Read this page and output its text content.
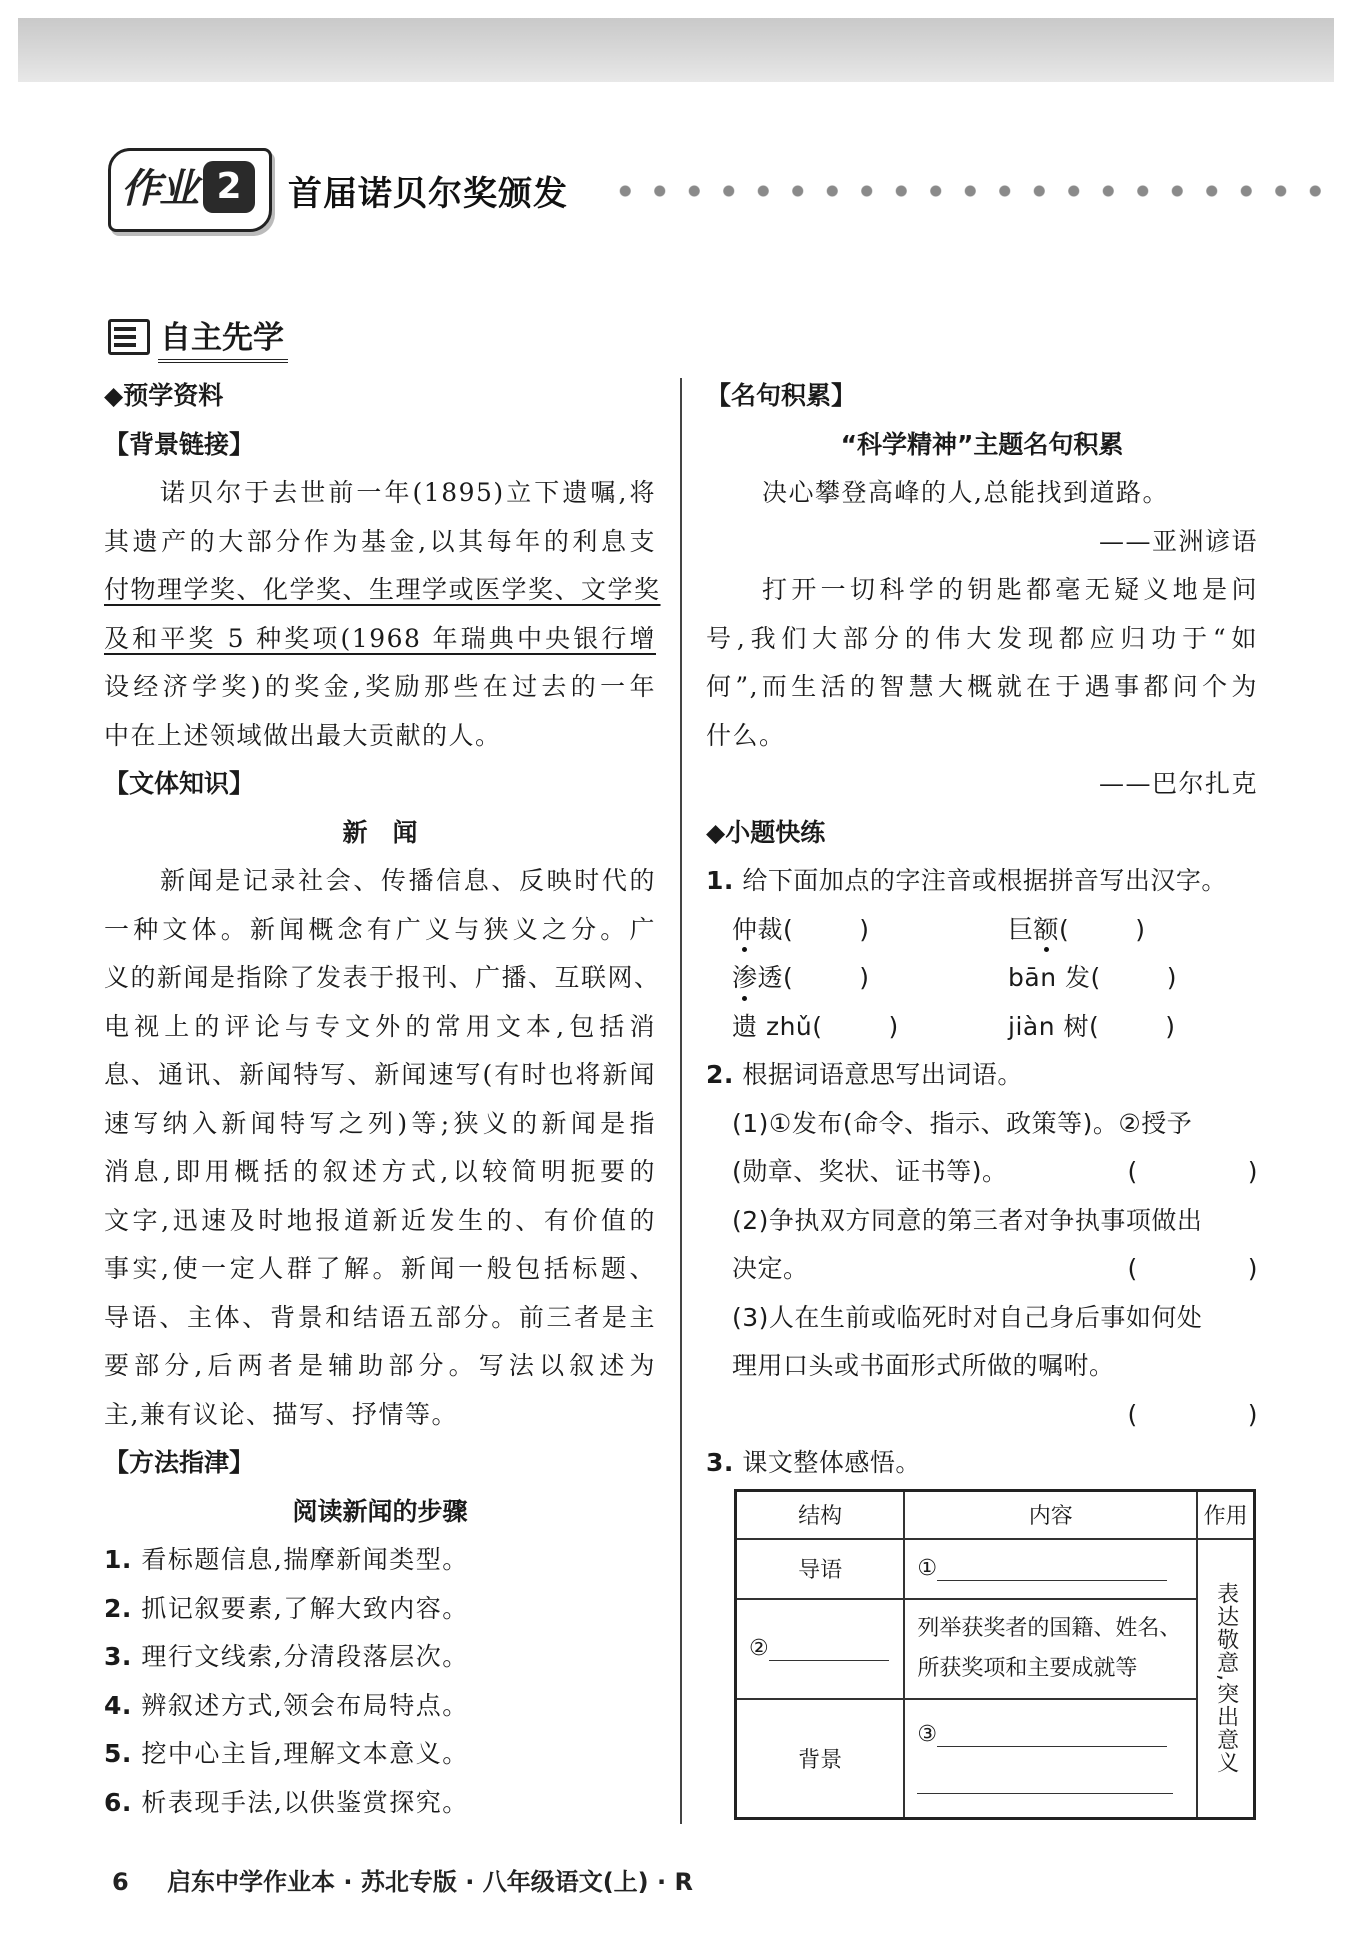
作业 2	首届诺贝尔奖颁发
自主先学
◆预学资料
【背景链接】
诺贝尔于去世前一年(1895)立下遗嘱,将
其遗产的大部分作为基金,以其每年的利息支
付物理学奖、化学奖、生理学或医学奖、文学奖
及和平奖 5 种奖项(1968 年瑞典中央银行增
设经济学奖)的奖金,奖励那些在过去的一年
中在上述领域做出最大贡献的人。
【文体知识】
新　闻
新闻是记录社会、传播信息、反映时代的
一种文体。新闻概念有广义与狭义之分。广
义的新闻是指除了发表于报刊、广播、互联网、
电视上的评论与专文外的常用文本,包括消
息、通讯、新闻特写、新闻速写(有时也将新闻
速写纳入新闻特写之列)等;狭义的新闻是指
消息,即用概括的叙述方式,以较简明扼要的
文字,迅速及时地报道新近发生的、有价值的
事实,使一定人群了解。新闻一般包括标题、
导语、主体、背景和结语五部分。前三者是主
要部分,后两者是辅助部分。写法以叙述为
主,兼有议论、描写、抒情等。
【方法指津】
阅读新闻的步骤
1. 看标题信息,揣摩新闻类型。
2. 抓记叙要素,了解大致内容。
3. 理行文线索,分清段落层次。
4. 辨叙述方式,领会布局特点。
5. 挖中心主旨,理解文本意义。
6. 析表现手法,以供鉴赏探究。
【名句积累】
“科学精神”主题名句积累
决心攀登高峰的人,总能找到道路。
——亚洲谚语
打开一切科学的钥匙都毫无疑义地是问
号,我们大部分的伟大发现都应归功于“如
何”,而生活的智慧大概就在于遇事都问个为
什么。
——巴尔扎克
◆小题快练
1. 给下面加点的字注音或根据拼音写出汉字。
仲裁(	)	巨额(	)
渗透(	)	bān 发(	)
遗 zhǔ(	)	jiàn 树(	)
2. 根据词语意思写出词语。
(1)①发布(命令、指示、政策等)。②授予
(勋章、奖状、证书等)。	(	)
(2)争执双方同意的第三者对争执事项做出
决定。	(	)
(3)人在生前或临死时对自己身后事如何处
理用口头或书面形式所做的嘱咐。
(	)

3. 课文整体感悟。
结构	内容	作用
导语	①	表达敬意,突出意义

②	列举获奖者的国籍、姓名、
所获奖项和主要成就等	

背景	③	
6 启东中学作业本 · 苏北专版 · 八年级语文(上) · R
